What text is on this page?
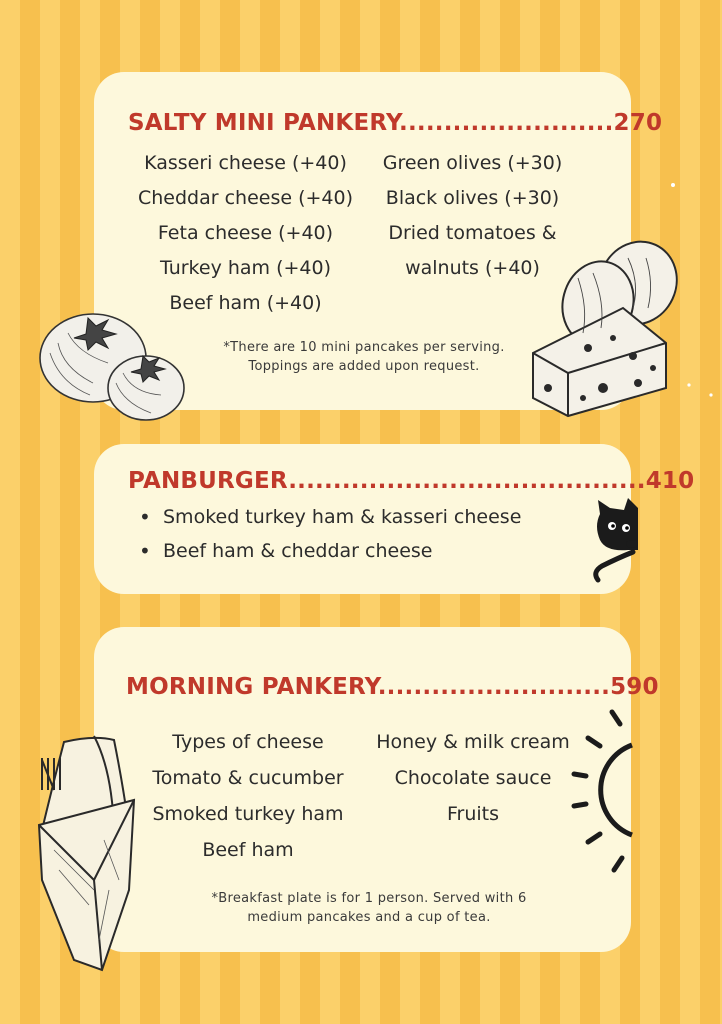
SALTY MINI PANKERY........................270
Kasseri cheese (+40)
Cheddar cheese (+40)
Feta cheese (+40)
Turkey ham (+40)
Beef ham (+40)
Green olives (+30)
Black olives (+30)
Dried tomatoes &
walnuts (+40)
*There are 10 mini pancakes per serving.
Toppings are added upon request.
PANBURGER........................................410
• Smoked turkey ham & kasseri cheese
• Beef ham & cheddar cheese
MORNING PANKERY..........................590
Types of cheese
Tomato & cucumber
Smoked turkey ham
Beef ham
Honey & milk cream
Chocolate sauce
Fruits
*Breakfast plate is for 1 person. Served with 6
medium pancakes and a cup of tea.
